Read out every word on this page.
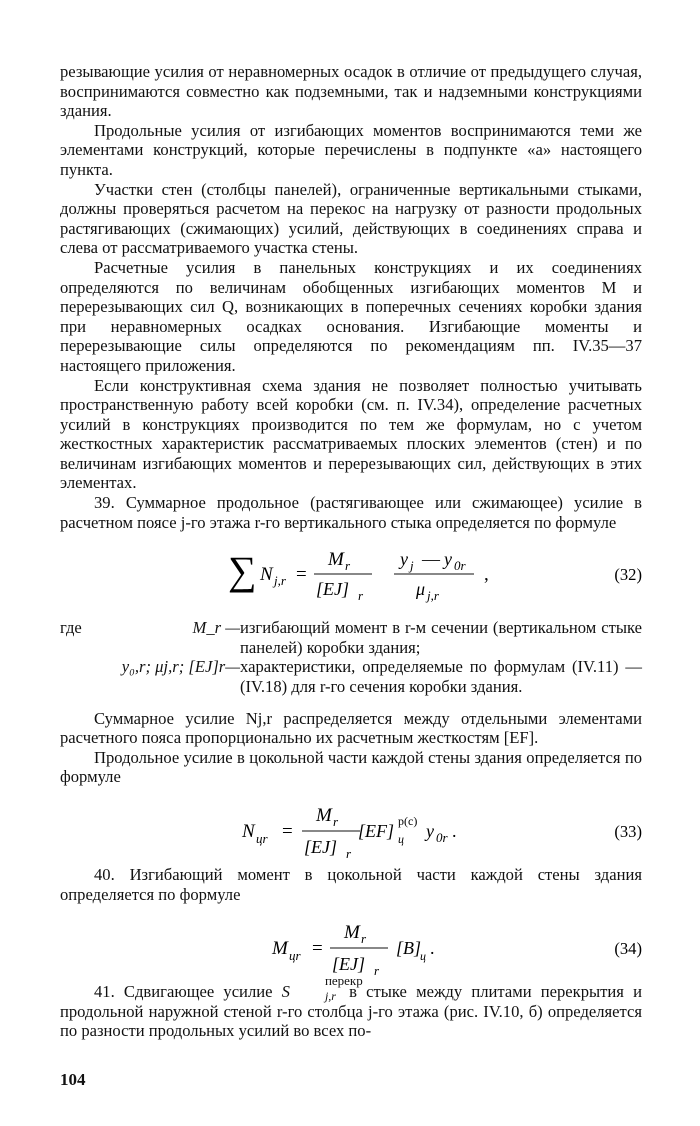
резывающие усилия от неравномерных осадок в отличие от предыдущего случая, воспринимаются совместно как подземными, так и надземными конструкциями здания.

Продольные усилия от изгибающих моментов воспринимаются теми же элементами конструкций, которые перечислены в подпункте «а» настоящего пункта.

Участки стен (столбцы панелей), ограниченные вертикальными стыками, должны проверяться расчетом на перекос на нагрузку от разности продольных растягивающих (сжимающих) усилий, действующих в соединениях справа и слева от рассматриваемого участка стены.

Расчетные усилия в панельных конструкциях и их соединениях определяются по величинам обобщенных изгибающих моментов M и перерезывающих сил Q, возникающих в поперечных сечениях коробки здания при неравномерных осадках основания. Изгибающие моменты и перерезывающие силы определяются по рекомендациям пп. IV.35—37 настоящего приложения.

Если конструктивная схема здания не позволяет полностью учитывать пространственную работу всей коробки (см. п. IV.34), определение расчетных усилий в конструкциях производится по тем же формулам, но с учетом жесткостных характеристик рассматриваемых плоских элементов (стен) и по величинам изгибающих моментов и перерезывающих сил, действующих в этих элементах.

39. Суммарное продольное (растягивающее или сжимающее) усилие в расчетном поясе j-го этажа r-го вертикального стыка определяется по формуле

∑ N j,r =
M r
[EJ] r
y j — y 0r
μ j,r
,	(32)
где	M_r — изгибающий момент в r-м сечении (вертикальном стыке панелей) коробки здания;
y₀,r; μj,r; [EJ]r— характеристики, определяемые по формулам (IV.11) — (IV.18) для r-го сечения коробки здания.

Суммарное усилие Nj,r распределяется между отдельными элементами расчетного пояса пропорционально их расчетным жесткостям [EF].

Продольное усилие в цокольной части каждой стены здания определяется по формуле

N цr =
M r
[EJ] r
[EF] ц
p(c) y 0r .	(33)

40. Изгибающий момент в цокольной части каждой стены здания определяется по формуле

M цr =
M r
[EJ] r
[B]
ц .	(34)

41. Сдвигающее усилие S
перекр
j,r в стыке между плитами перекрытия и продольной наружной стеной r-го столбца j-го этажа (рис. IV.10, б) определяется по разности продольных усилий во всех по-

104
